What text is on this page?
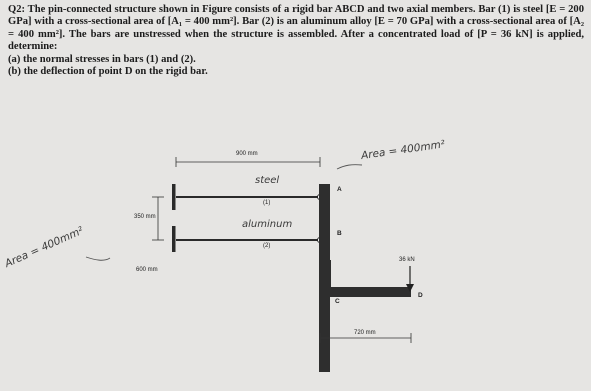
Q2: The pin-connected structure shown in Figure consists of a rigid bar ABCD and two axial members. Bar (1) is steel [E = 200 GPa] with a cross-sectional area of [A₁ = 400 mm²]. Bar (2) is an aluminum alloy [E = 70 GPa] with a cross-sectional area of [A₂ = 400 mm²]. The bars are unstressed when the structure is assembled. After a concentrated load of [P = 36 kN] is applied, determine:

(a) the normal stresses in bars (1) and (2).

(b) the deflection of point D on the rigid bar.

900 mm
350 mm
600 mm
720 mm
36 kN
(1)
(2)
A
B
C
D
steel
aluminum
Area = 400mm²
Area = 400mm²
